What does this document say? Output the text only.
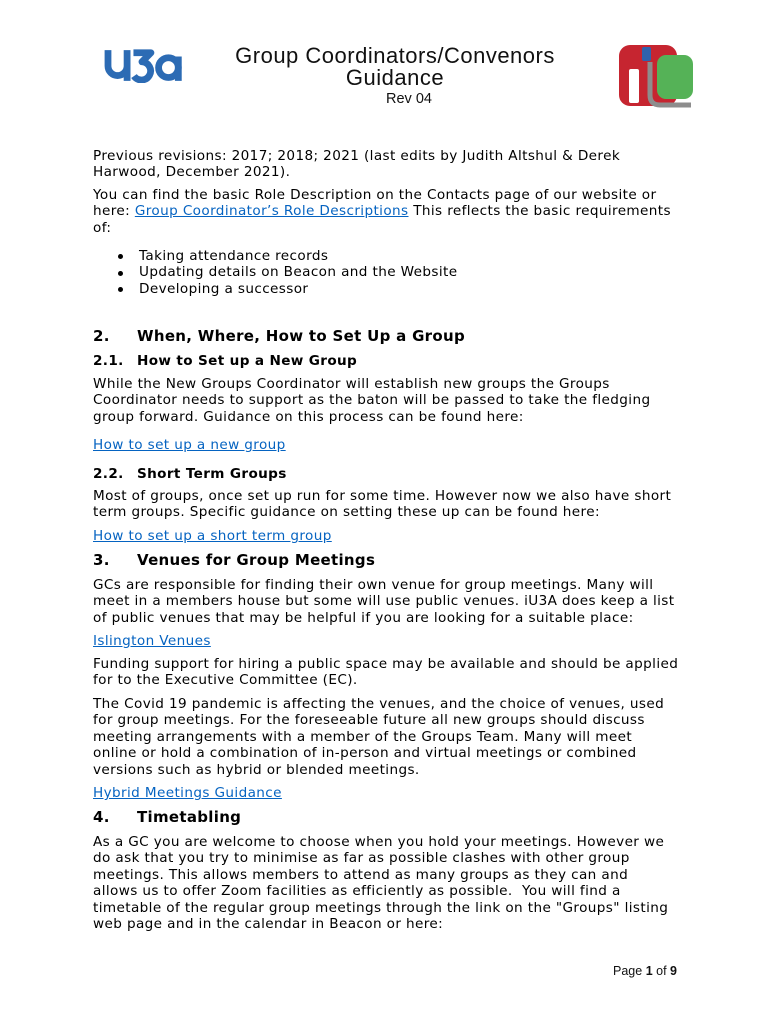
Group Coordinators/Convenors
Guidance
Rev 04
Previous revisions: 2017; 2018; 2021 (last edits by Judith Altshul & Derek
Harwood, December 2021).
You can find the basic Role Description on the Contacts page of our website or
here: Group Coordinator’s Role Descriptions This reflects the basic requirements
of:
Taking attendance records
Updating details on Beacon and the Website
Developing a successor
2. When, Where, How to Set Up a Group
2.1. How to Set up a New Group
While the New Groups Coordinator will establish new groups the Groups
Coordinator needs to support as the baton will be passed to take the fledging
group forward. Guidance on this process can be found here:
How to set up a new group
2.2. Short Term Groups
Most of groups, once set up run for some time. However now we also have short
term groups. Specific guidance on setting these up can be found here:
How to set up a short term group
3. Venues for Group Meetings
GCs are responsible for finding their own venue for group meetings. Many will
meet in a members house but some will use public venues. iU3A does keep a list
of public venues that may be helpful if you are looking for a suitable place:
Islington Venues
Funding support for hiring a public space may be available and should be applied
for to the Executive Committee (EC).
The Covid 19 pandemic is affecting the venues, and the choice of venues, used
for group meetings. For the foreseeable future all new groups should discuss
meeting arrangements with a member of the Groups Team. Many will meet
online or hold a combination of in-person and virtual meetings or combined
versions such as hybrid or blended meetings.
Hybrid Meetings Guidance
4. Timetabling
As a GC you are welcome to choose when you hold your meetings. However we
do ask that you try to minimise as far as possible clashes with other group
meetings. This allows members to attend as many groups as they can and
allows us to offer Zoom facilities as efficiently as possible.  You will find a
timetable of the regular group meetings through the link on the "Groups" listing
web page and in the calendar in Beacon or here:
Page 1 of 9
